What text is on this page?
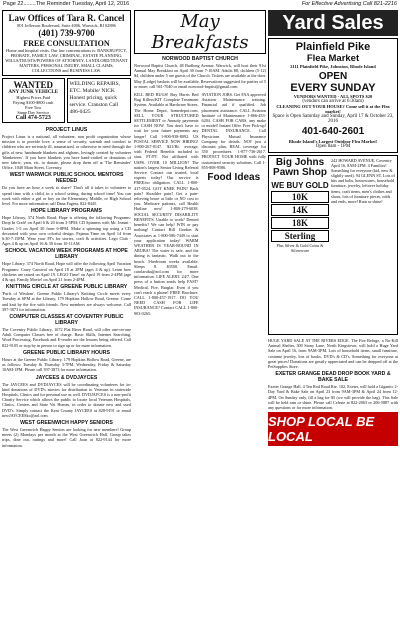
Page 22........The Reminder Tuesday, April 12, 2016	For Effective Advertising Call 821-2216
Law Offices of Tara R. Cancel
801 Jefferson Boulevard, Suite 4006, Warwick, RI 02886
(401) 739-9700
FREE CONSULTATION
Home and hospital visits. Our law concentrations is: BANKRUPTCY, PROBATE, FAMILY LAW, CRIMINAL, ESTATE PLANNING, WILLS/TRUSTS/POWERS OF ATTORNEY, LANDLORD/TENANT MATTERS, PERSONAL INJURY, SMALL CLAIMS, COLLECTIONS and BUSINESS LAW.
WANTED
ANY JUNK VEHICLE
Highest Prices Paid
Paying $100-$800 cash
Free Tow
Same Day Service
Call 474-5723
WELDING REPAIRS, ETC. Mobile/ NICK Honest pricing, quick service. Cranston Call 486-0425
PROJECT LINUS
Project Linus is a national, all volunteer, non profit organization whose mission is to provide love, a sense of security, warmth and comfort to children who are seriously ill, traumatized, or otherwise in need through the gifts of new, handmade blankets and afghans, lovingly created by volunteer 'blanketeers'. If you have blankets you have hand-crafted or donations of new fabric, yarn, etc. to donate, please drop them off at 'The Reminder' Office, 1040 Main Street, Coventry.
WEST WARWICK PUBLIC SCHOOL MENTORS NEEDED
Do you have an hour a week to share? That's all it takes to volunteer to spend time with a child, in a school setting, during school time! You can work with either a girl or boy on the Elementary, Middle, or High School level. For more information call Dana Fagera, 822-8445.
HOPE LIBRARY PROGRAMS
Hope Library, 374 North Road, Hope is offering the following Programs: Drop In Craft! on April 6 & 20 from 3-5PM; CD Spinners with Mr. Jeaunt - Grades 1-5 on April 30 from 6-8PM. Make a spinning top using a CD decorated with your own colorful design. Pajama Time on April 14 from 6:30-7:15PM. Wear your PJ's for stories, craft & activities. Lego Club - Ages 4 & up on April 16 & 30 from 10-11AM.
SCHOOL VACATION WEEK PROGRAMS AT HOPE LIBRARY
Hope Library, 374 North Road, Hope will offer the following April Vacation Programs: Crazy Carnival on April 18 at 2PM (ages 4 & up). Learn how chickens are raised on April 19. LEGO Time! on April 19 from 2-4PM (age 4 & up). Family Movie! on April 21 from 2-4PM.
KNITTING CIRCLE AT GREENE PUBLIC LIBRARY
'Purls of Wisdom', Greene Public Library's Knitting Circle meets every Tuesday at 6PM at the Library, 179 Hopkins Hollow Road, Greene. Come and knit by the fire with friends. New members are always welcome. Call 397-3873 for information.
COMPUTER CLASSES AT COVENTRY PUBLIC LIBRARY
The Coventry Public Library, 1672 Flat River Road, will offer one-on-one Adult Computer Classes free of charge. Basic Skills, Internet Searching, Word Processing, Facebook and E-reader are the lessons being offered. Call 822-9105 or stop by in person to sign up or for more information.
GREENE PUBLIC LIBRARY HOURS
Hours at the Greene Public Library, 179 Hopkins Hollow Road, Greene, are as follows: Tuesday & Thursday 3-7PM, Wednesday, Friday & Saturday 10AM-1PM. Please call 397-3873 for more information.
JAYCEES & DVDJAYCES
The JAYCEES and DVDJAYCES will be coordinating volunteers for in-kind donations of DVD's movies for distribution to Veterans in statewide Hospitals, Clinics and for personal use as well. DVDJAYCES is a non-profit Charity Service which allows the public to locate local Veterans Hospitals, Clinics, Centers and State Vet Homes, in order to donate new and used DVD's. Simply contact the Kent County JAYCEES at 828-9191 or email newJAYCEESkc@aol.com
WEST GREENWICH HAPPY SENIORS
The West Greenwich Happy Seniors are looking for new members! Group meets (2) Mondays per month at the West Greenwich Hall. Group takes trips, dine out, outings and more! Call Joan at 822-9144 for more information.
May Breakfasts
NORWOOD BAPTIST CHURCH
Norwood Baptist Church, 48 Budlong Avenue, Warwick, will host their 91st Annual May Breakfast on April 30 from 7-10AM. Adults $8, children (5-12) $4, children under 5 are guests of the Church. Tickets are available at the door. May (Lodge) baskets will be available. Reservations suggested for parties of 5 or more; call 941-7040 or email norwood-baptist@gmail.com
KILL BED BUGS! Buy Harris Bed Bug Killers/KIT Complete Treatment System. Available at Hardware Stores, The Home Depot, homedepot.com. SELL YOUR STRUCTURED SETTLEMENT or Annuity payments for CASH NOW. You don't have to wait for your future payments any longer! Call 1-800-938-8092. US POSTAL SERVICE NOW HIRING! 1-800-267-0147. $21/Hr. average, with Federal Benefits included to start. FT/PT. Not affiliated with USPS. OVER 10 MILLION! The nation's largest Senior Living Referral Service. Contact our trusted, local experts today! Our service is FREE/no obligation. CALL 1-800-417-0524. GOT KNEE PAIN? Back pain? Shoulder pain? Get a pain-relieving brace at little or NO cost to you. Medicare patients, call Health Hotline now! 1-800-279-6038. SOCIAL SECURITY DISABILITY BENEFITS. Unable to work? Denied benefits? We can help! WIN or pay nothing! Contact Bill Gordon & Associates at 1-800-586-7449 to start your application today! WARM WEATHER IS YEAR-ROUND IN ARUBA! The water is safe, and the dining is fantastic. Walk out to the beach. 3-bedroom weeks available. Sleeps 8. $3500. Email: carolaruba@aol.com for more information. LIFE ALERT. 24/7. One press of a button sends help FAST! Medical, Fire, Burglar. Even if you can't reach a phone! FREE Brochure. CALL 1-800-457-1917. DO YOU NEED CASH FOR LIFE INSURANCE? Contact CALL 1-800-903-0265.
AVIATION JOBS. Get FAA approved Aviation Maintenance training. Financial aid if qualified. Job placement assistance. CALL Aviation Institute of Maintenance 1-866-453-6204. CASH FOR CARS, any make or model! Instant Offer. Free Pick-up! DENTAL INSURANCE. Call Physicians Mutual Insurance Company for details. NOT just a discount plan, REAL coverage for 350 procedures. 1-877-736-2617. PROTECT YOUR HOME with fully customized security solutions. Call 1-855-808-9586.
Food Ideas
Yard Sales
Plainfield Pike
Flea Market
2111 Plainfield Pike, Johnston, Rhode Island
OPEN
EVERY SUNDAY
VENDORS WANTED - ALL SPOTS $20
(vendors can arrive at 6:30am)
CLEANING OUT YOUR HOUSE? Come sell it at the Flea market!
Space is Open Saturday and Sunday, April 17 & October 23, 2016
401-640-2601
Rhode Island's Largest Outdoor Flea Market!
Open 8am - 1PM
Big Johns
Pawn Shop
WE BUY GOLD
10K
14K
18K
Sterling
Plus Silver & Gold Coins & Silverware
242 HOWARD AVENUE, Coventry April 16, 8AM-2PM. 4 Families! Something for everyone (kid, new & slightly used). 94 GLENN ST. Lots of bits and bobs, housewares, household furniture, jewelry, leftover holiday items, craft items, men's clothes and shoes, lots of furniture pieces, odds and ends, more! Rain or shine!
HUGE YARD SALE AT THE RIVERS EDGE. The Fire Refuge, a No-Kill Animal Shelter, 300 Stony Lane, North Kingstown, will hold a Huge Yard Sale on April 16, from 9AM-3PM. Lots of household items, small furniture, costume jewelry, lots of books, DVD's & CD's. Something for everyone at great prices! Donations are greatly appreciated and can be dropped off at the PetSupplies Store.
EXETER GRANGE DEAD DROP BOOK YARD & BAKE SALE
Exeter Grange Hall, 4 Ten Rod Road Rte. 102, Exeter, will hold a Gigantic 2-Day Yard & Bake Sale on April 23 from 9AM-3PM & April 24 from 12-4PM. On Sunday only, fill a bag for $5 (we will provide the bag). This Sale will be held rain or shine. Please call Celeste at 822-2063 or 206-5887 with any questions or for more information.
SHOP LOCAL BE LOCAL
